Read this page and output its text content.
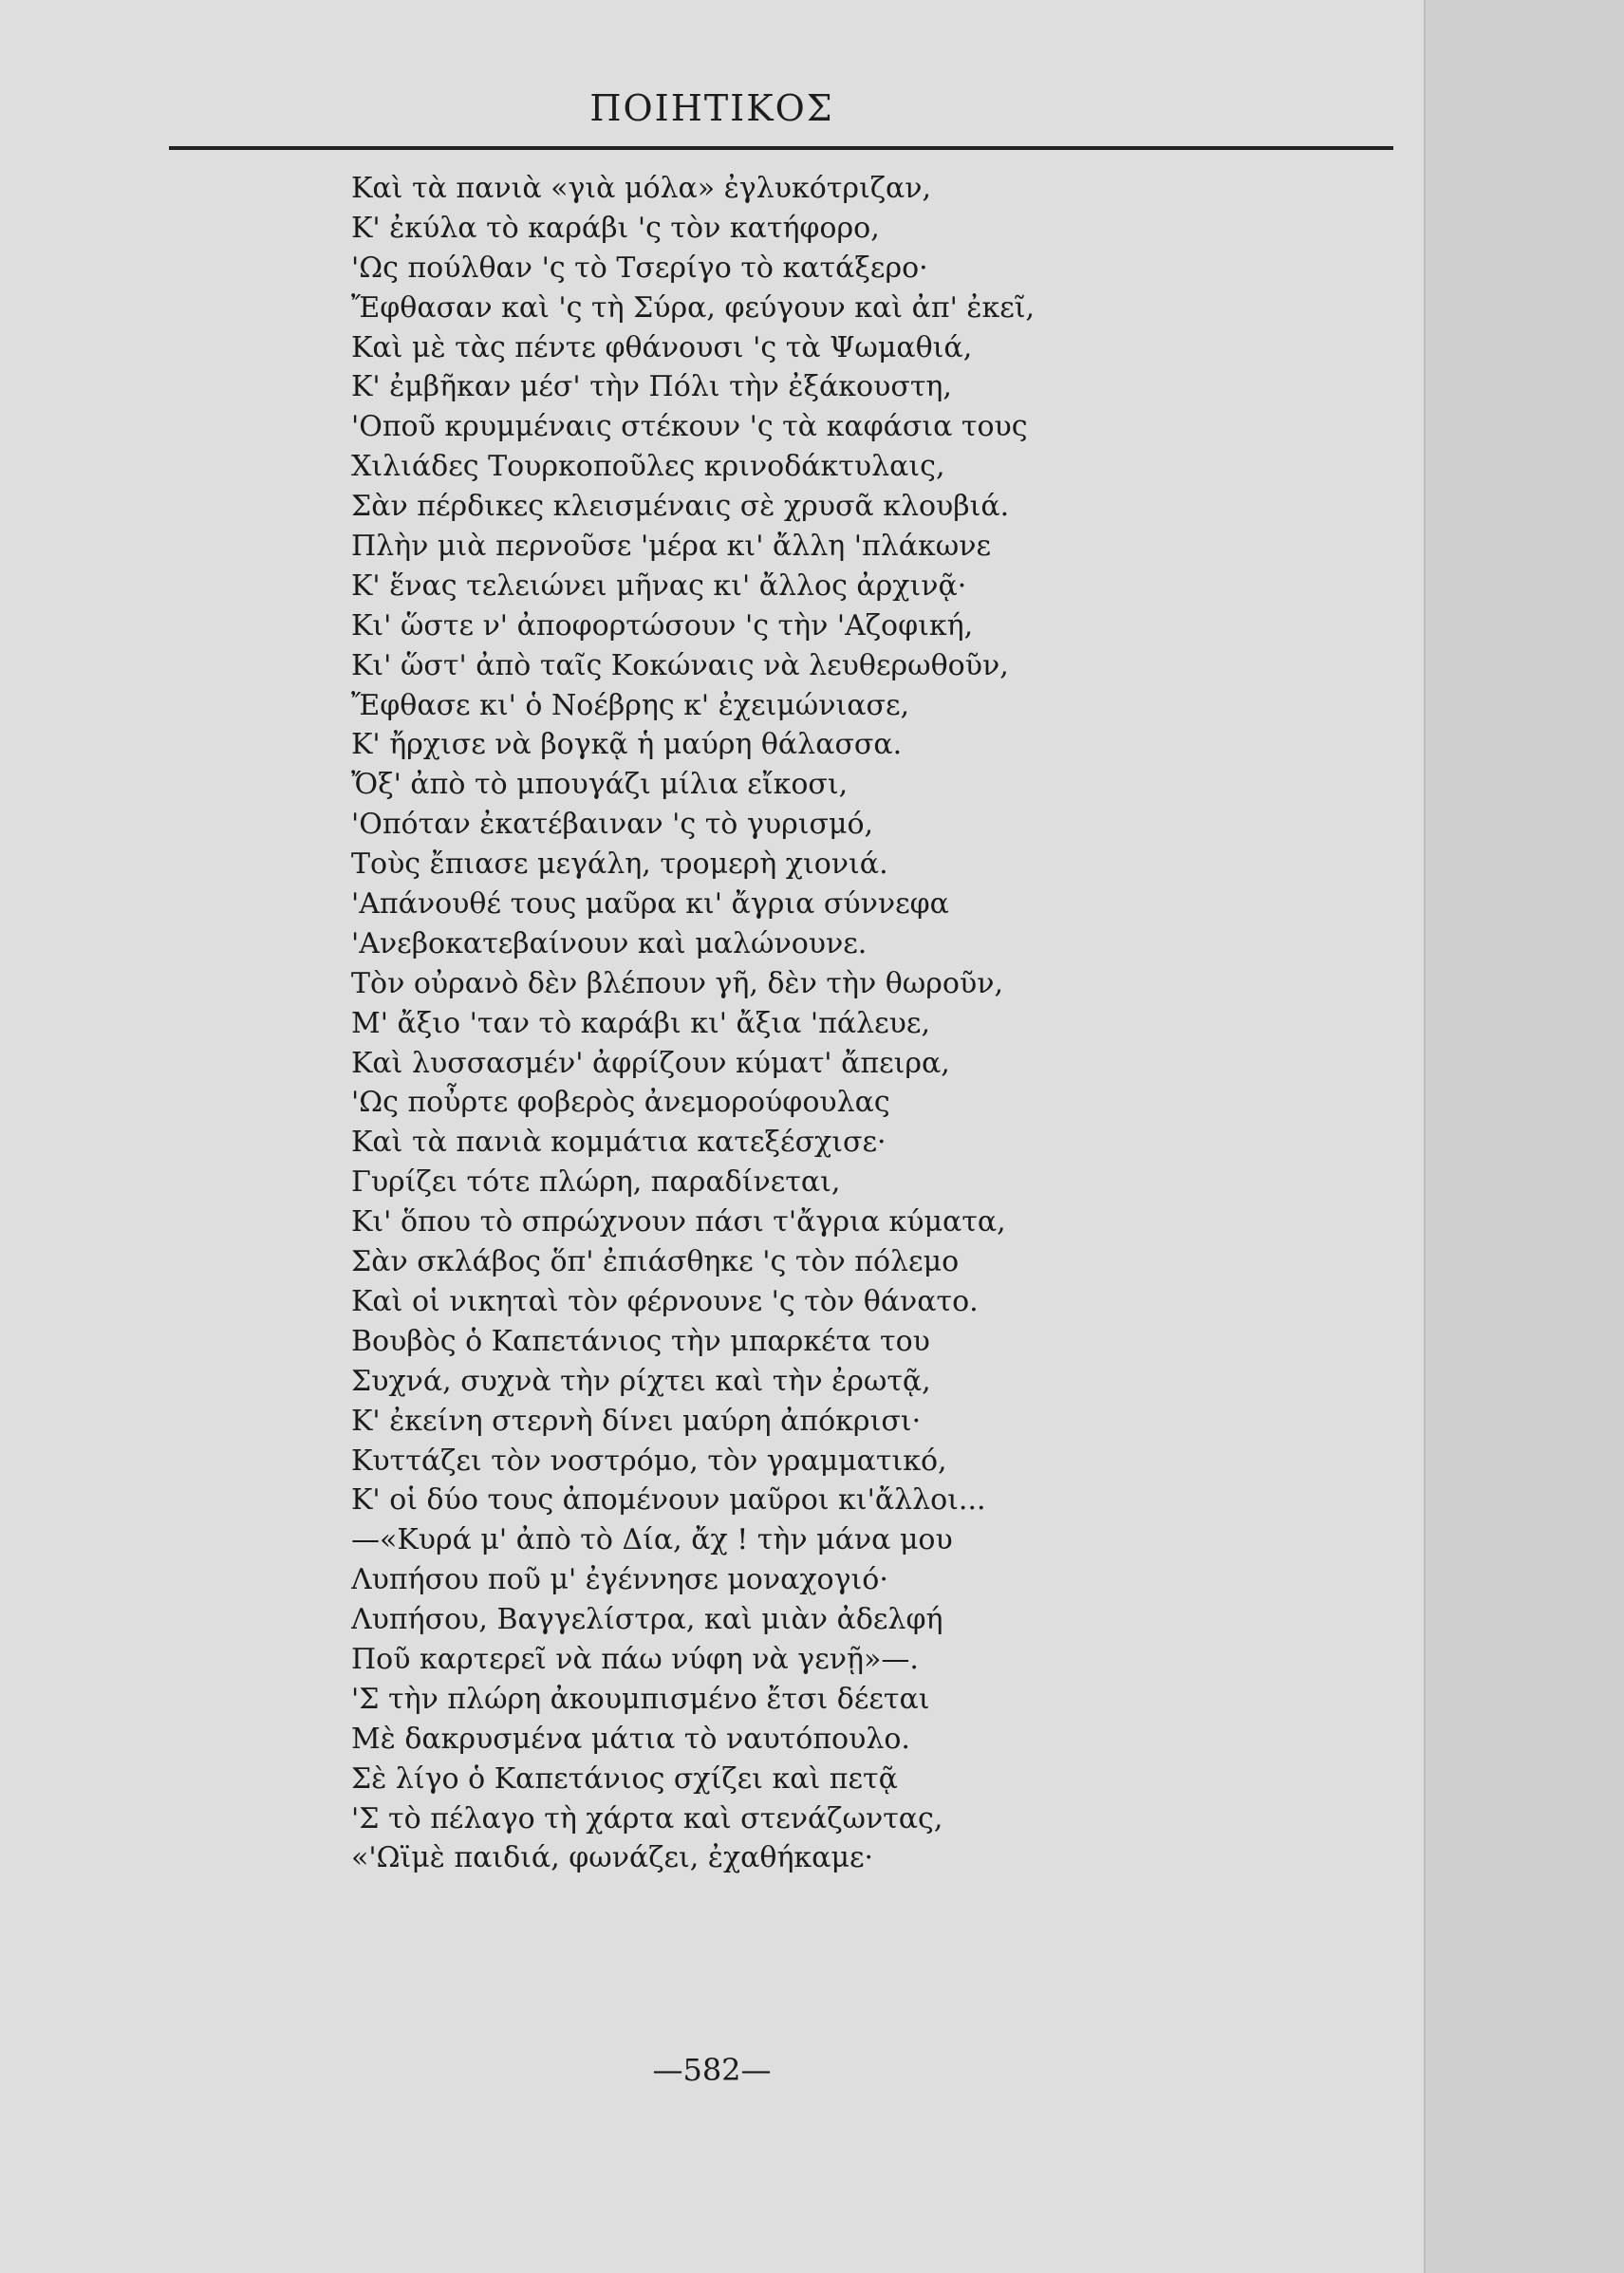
ΠΟΙΗΤΙΚΟΣ
Καὶ τὰ πανιὰ «γιὰ μόλα» ἐγλυκότριζαν,
Κ' ἐκύλα τὸ καράβι 'ς τὸν κατήφορο,
'Ως πούλθαν 'ς τὸ Τσερίγο τὸ κατάξερο·
Ἔφθασαν καὶ 'ς τὴ Σύρα, φεύγουν καὶ ἀπ' ἐκεῖ,
Καὶ μὲ τὰς πέντε φθάνουσι 'ς τὰ Ψωμαθιά,
Κ' ἐμβῆκαν μέσ' τὴν Πόλι τὴν ἐξάκουστη,
'Οποῦ κρυμμέναις στέκουν 'ς τὰ καφάσια τους
Χιλιάδες Τουρκοποῦλες κρινοδάκτυλαις,
Σὰν πέρδικες κλεισμέναις σὲ χρυσᾶ κλουβιά.
Πλὴν μιὰ περνοῦσε 'μέρα κι' ἄλλη 'πλάκωνε
Κ' ἕνας τελειώνει μῆνας κι' ἄλλος ἀρχινᾷ·
Κι' ὥστε ν' ἀποφορτώσουν 'ς τὴν 'Αζοφική,
Κι' ὥστ' ἀπὸ ταῖς Κοκώναις νὰ λευθερωθοῦν,
Ἔφθασε κι' ὁ Νοέβρης κ' ἐχειμώνιασε,
Κ' ἤρχισε νὰ βογκᾷ ἡ μαύρη θάλασσα.
Ὄξ' ἀπὸ τὸ μπουγάζι μίλια εἴκοσι,
'Οπόταν ἐκατέβαιναν 'ς τὸ γυρισμό,
Τοὺς ἔπιασε μεγάλη, τρομερὴ χιονιά.
'Απάνουθέ τους μαῦρα κι' ἄγρια σύννεφα
'Ανεβοκατεβαίνουν καὶ μαλώνουνε.
Τὸν οὐρανὸ δὲν βλέπουν γῆ, δὲν τὴν θωροῦν,
Μ' ἄξιο 'ταν τὸ καράβι κι' ἄξια 'πάλευε,
Καὶ λυσσασμέν' ἀφρίζουν κύματ' ἄπειρα,
'Ως ποὖρτε φοβερὸς ἀνεμορούφουλας
Καὶ τὰ πανιὰ κομμάτια κατεξέσχισε·
Γυρίζει τότε πλώρη, παραδίνεται,
Κι' ὅπου τὸ σπρώχνουν πάσι τ'ἄγρια κύματα,
Σὰν σκλάβος ὅπ' ἐπιάσθηκε 'ς τὸν πόλεμο
Καὶ οἱ νικηταὶ τὸν φέρνουνε 'ς τὸν θάνατο.
Βουβὸς ὁ Καπετάνιος τὴν μπαρκέτα του
Συχνά, συχνὰ τὴν ρίχτει καὶ τὴν ἐρωτᾷ,
Κ' ἐκείνη στερνὴ δίνει μαύρη ἀπόκρισι·
Κυττάζει τὸν νοστρόμο, τὸν γραμματικό,
Κ' οἱ δύο τους ἀπομένουν μαῦροι κι'ἄλλοι...
—«Κυρά μ' ἀπὸ τὸ Δία, ἄχ ! τὴν μάνα μου
Λυπήσου ποῦ μ' ἐγέννησε μοναχογιό·
Λυπήσου, Βαγγελίστρα, καὶ μιὰν ἀδελφή
Ποῦ καρτερεῖ νὰ πάω νύφη νὰ γενῇ»—.
'Σ τὴν πλώρη ἀκουμπισμένο ἔτσι δέεται
Μὲ δακρυσμένα μάτια τὸ ναυτόπουλο.
Σὲ λίγο ὁ Καπετάνιος σχίζει καὶ πετᾷ
'Σ τὸ πέλαγο τὴ χάρτα καὶ στενάζωντας,
«'Ωϊμὲ παιδιά, φωνάζει, ἐχαθήκαμε·
—582—
